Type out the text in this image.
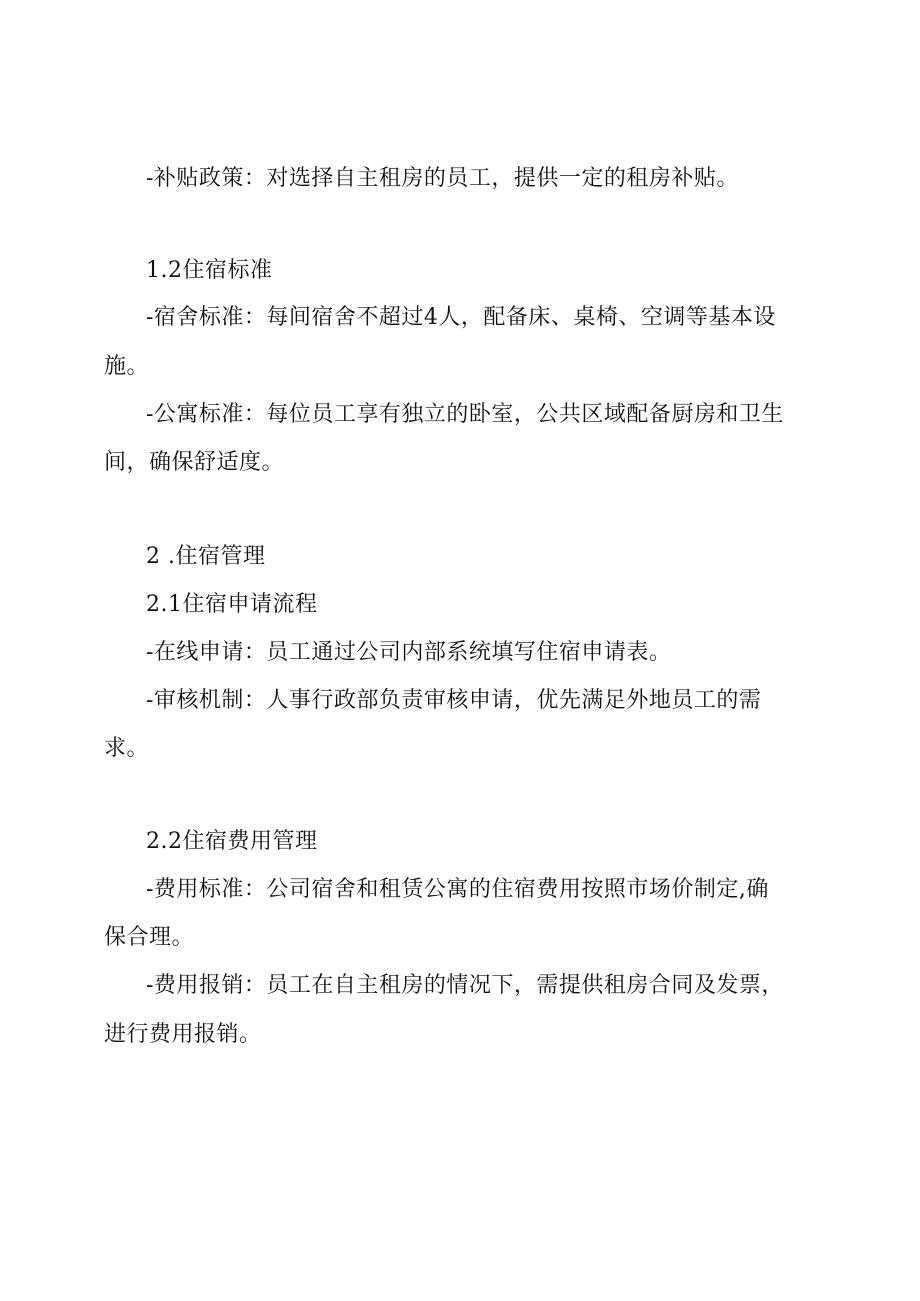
-补贴政策：对选择自主租房的员工，提供一定的租房补贴。

1.2住宿标准

-宿舍标准：每间宿舍不超过4人，配备床、桌椅、空调等基本设

施。

-公寓标准：每位员工享有独立的卧室，公共区域配备厨房和卫生

间，确保舒适度。

2 .住宿管理

2.1住宿申请流程

-在线申请：员工通过公司内部系统填写住宿申请表。

-审核机制：人事行政部负责审核申请，优先满足外地员工的需

求。

2.2住宿费用管理

-费用标准：公司宿舍和租赁公寓的住宿费用按照市场价制定,确

保合理。

-费用报销：员工在自主租房的情况下，需提供租房合同及发票，

进行费用报销。
